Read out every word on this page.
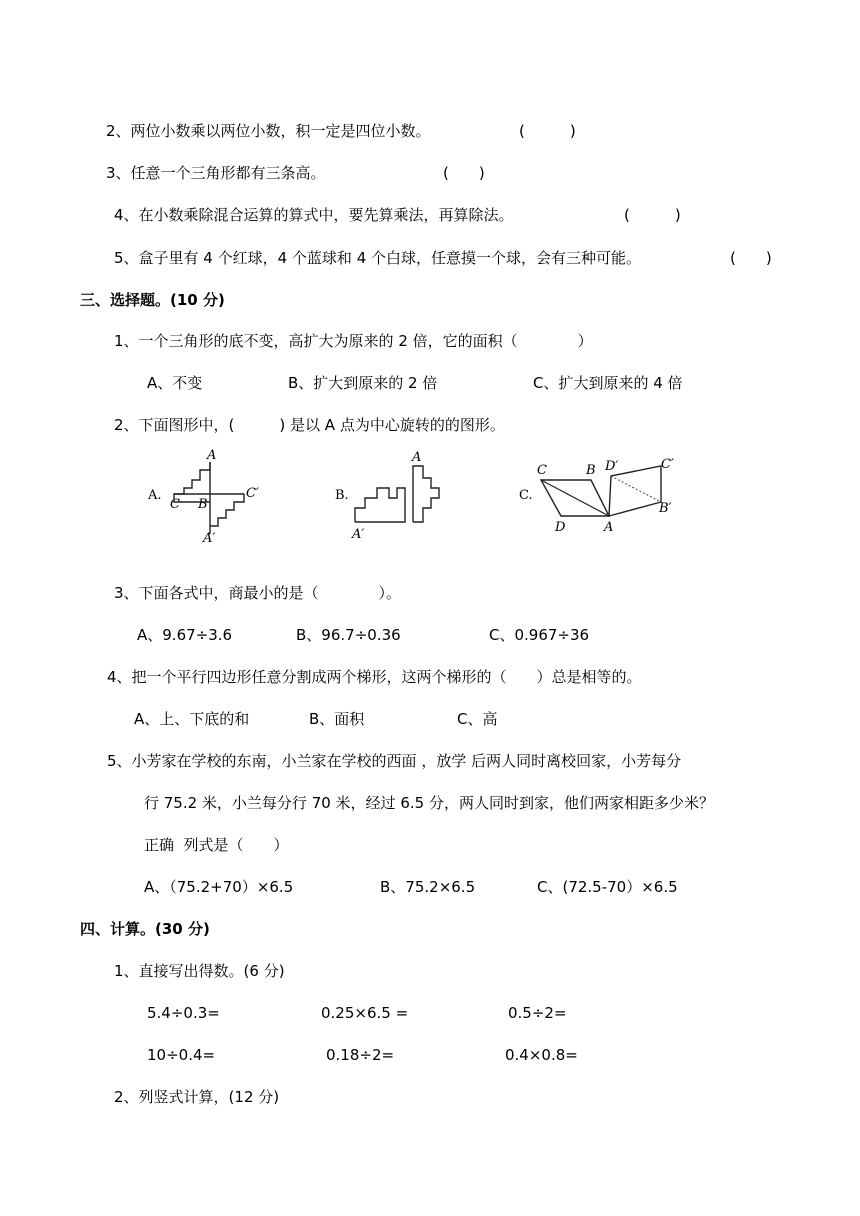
2、两位小数乘以两位小数，积一定是四位小数。	(　　　)
3、任意一个三角形都有三条高。	(　　)
4、在小数乘除混合运算的算式中，要先算乘法，再算除法。	(　　　)
5、盒子里有 4 个红球，4 个蓝球和 4 个白球，任意摸一个球，会有三种可能。	(　　)
三、选择题。(10 分)
1、一个三角形的底不变，高扩大为原来的 2 倍，它的面积（　　　　）
A、不变	B、扩大到原来的 2 倍	C、扩大到原来的 4 倍
2、下面图形中，(　　　) 是以 A 点为中心旋转的的图形。
A.
A
C B
C′
A′
B.
A
A′
C.
C	B D′	C′
D	A
B′
3、下面各式中，商最小的是（　　　　）。
A、9.67÷3.6	B、96.7÷0.36	C、0.967÷36
4、把一个平行四边形任意分割成两个梯形，这两个梯形的（　　）总是相等的。
A、上、下底的和	B、面积	C、高
5、小芳家在学校的东南，小兰家在学校的西面 ，放学 后两人同时离校回家，小芳每分
行 75.2 米，小兰每分行 70 米，经过 6.5 分，两人同时到家，他们两家相距多少米？
正确  列式是（　　）
A、（75.2+70）×6.5	B、75.2×6.5	C、(72.5-70）×6.5
四、计算。(30 分)
1、直接写出得数。(6 分)
5.4÷0.3=	0.25×6.5 =	0.5÷2=
10÷0.4=	0.18÷2=	0.4×0.8=
2、列竖式计算，(12 分)
